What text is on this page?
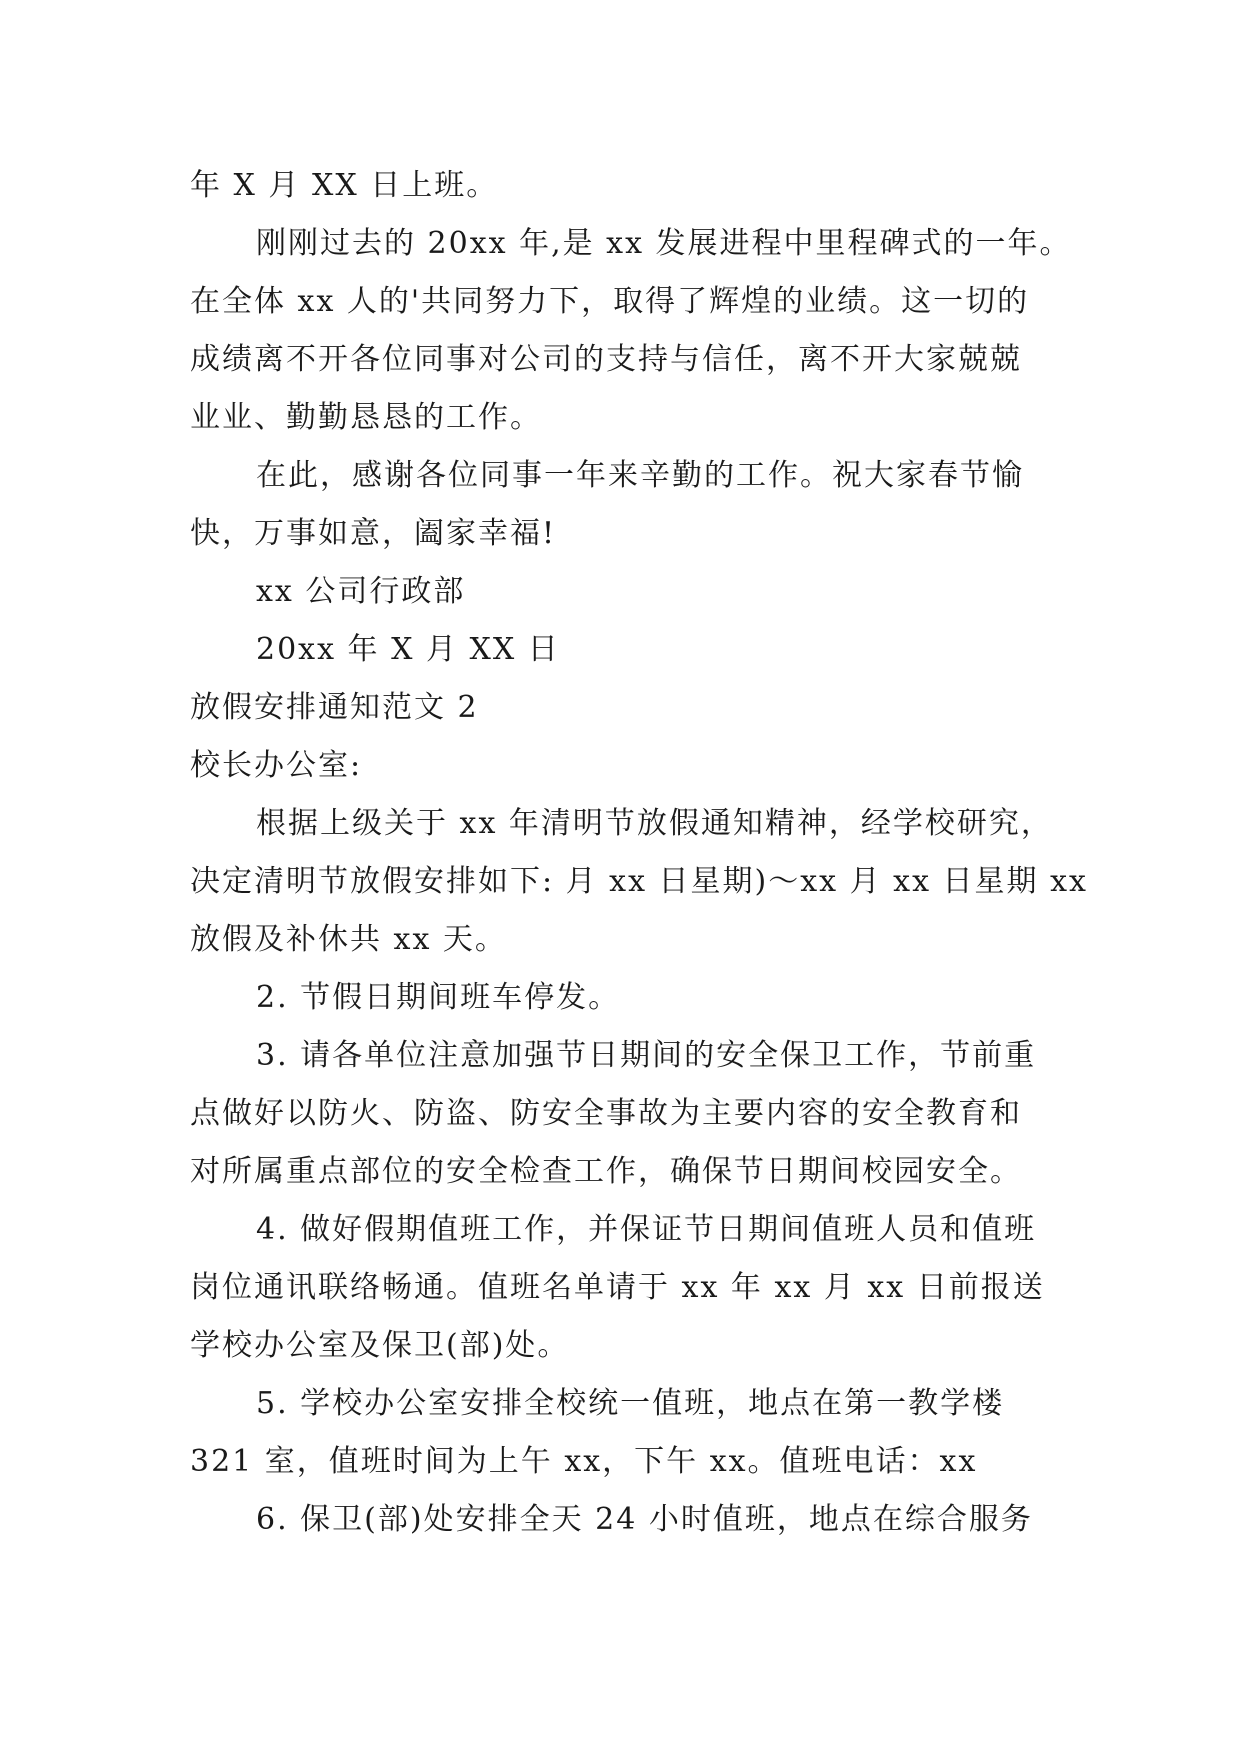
年 X 月 XX 日上班。
刚刚过去的 20xx 年,是 xx 发展进程中里程碑式的一年。
在全体 xx 人的'共同努力下，取得了辉煌的业绩。这一切的
成绩离不开各位同事对公司的支持与信任，离不开大家兢兢
业业、勤勤恳恳的工作。
在此，感谢各位同事一年来辛勤的工作。祝大家春节愉
快，万事如意，阖家幸福!
xx 公司行政部
20xx 年 X 月 XX 日
放假安排通知范文 2
校长办公室:
根据上级关于 xx 年清明节放假通知精神，经学校研究，
决定清明节放假安排如下: 月 xx 日星期)～xx 月 xx 日星期 xx
放假及补休共 xx 天。
2. 节假日期间班车停发。
3. 请各单位注意加强节日期间的安全保卫工作，节前重
点做好以防火、防盗、防安全事故为主要内容的安全教育和
对所属重点部位的安全检查工作，确保节日期间校园安全。
4. 做好假期值班工作，并保证节日期间值班人员和值班
岗位通讯联络畅通。值班名单请于 xx 年 xx 月 xx 日前报送
学校办公室及保卫(部)处。
5. 学校办公室安排全校统一值班，地点在第一教学楼
321 室，值班时间为上午 xx，下午 xx。值班电话：xx
6. 保卫(部)处安排全天 24 小时值班，地点在综合服务
